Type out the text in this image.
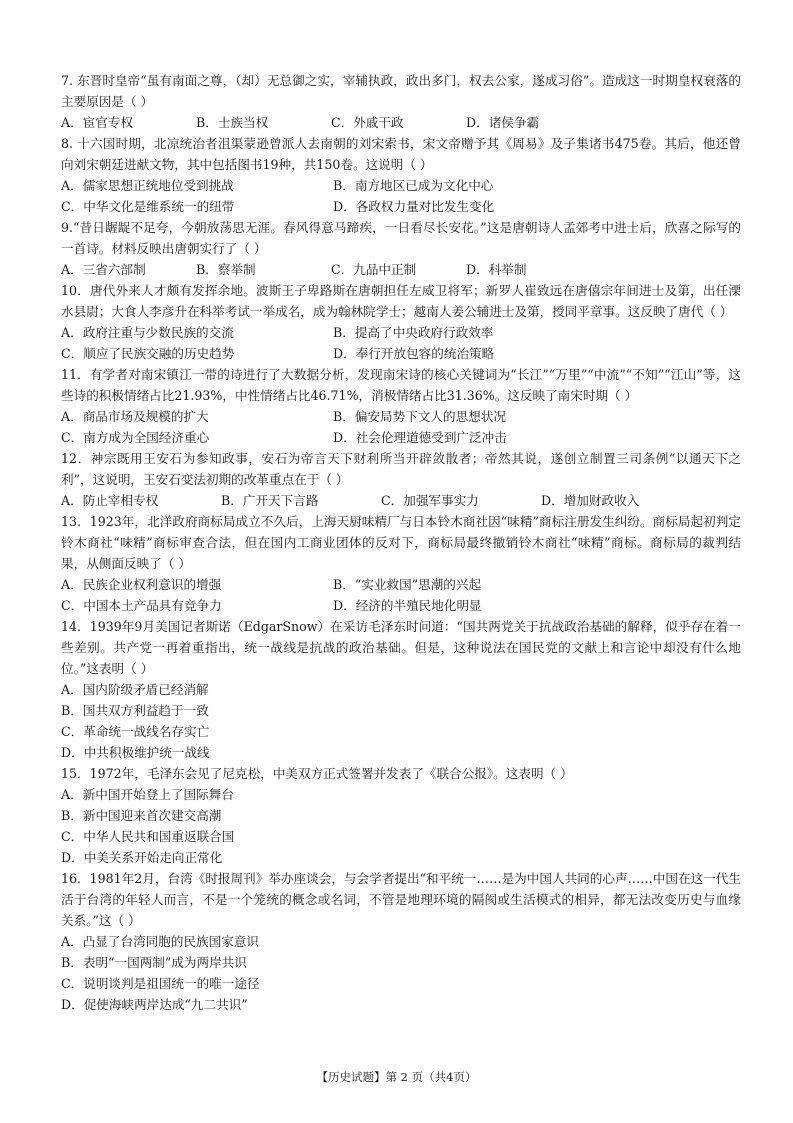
7. 东晋时皇帝“虽有南面之尊，（却）无总御之实，宰辅执政，政出多门，权去公家，遂成习俗”。造成这一时期皇权衰落的主要原因是（ ）
A．宦官专权	B．士族当权	C．外戚干政	D．诸侯争霸
8. 十六国时期，北凉统治者沮渠蒙逊曾派人去南朝的刘宋索书，宋文帝赠予其《周易》及子集诸书475卷。其后，他还曾向刘宋朝廷进献文物，其中包括图书19种，共150卷。这说明（ ）
A．儒家思想正统地位受到挑战	B．南方地区已成为文化中心
C．中华文化是维系统一的纽带	D．各政权力量对比发生变化
9.“昔日龌龊不足夸，今朝放荡思无涯。春风得意马蹄疾，一日看尽长安花。”这是唐朝诗人孟郊考中进士后，欣喜之际写的一首诗。材料反映出唐朝实行了（ ）
A．三省六部制	B．察举制	C．九品中正制	D．科举制
10．唐代外来人才颇有发挥余地。波斯王子卑路斯在唐朝担任左威卫将军；新罗人崔致远在唐僖宗年间进士及第，出任溧水县尉；大食人李彦升在科举考试一举成名，成为翰林院学士；越南人姜公辅进士及第，授同平章事。这反映了唐代（ ）
A．政府注重与少数民族的交流	B．提高了中央政府行政效率
C．顺应了民族交融的历史趋势	D．奉行开放包容的统治策略
11．有学者对南宋镇江一带的诗进行了大数据分析，发现南宋诗的核心关键词为“长江”“万里”“中流”“不知”“江山”等，这些诗的积极情绪占比21.93%，中性情绪占比46.71%，消极情绪占比31.36%。这反映了南宋时期（ ）
A．商品市场及规模的扩大	B．偏安局势下文人的思想状况
C．南方成为全国经济重心	D．社会伦理道德受到广泛冲击
12．神宗既用王安石为参知政事，安石为帝言天下财利所当开辟敛散者；帝然其说，遂创立制置三司条例“以通天下之利”，这说明，王安石变法初期的改革重点在于（ ）
A．防止宰相专权	B．广开天下言路	C．加强军事实力	D．增加财政收入
13．1923年，北洋政府商标局成立不久后，上海天厨味精厂与日本铃木商社因“味精”商标注册发生纠纷。商标局起初判定铃木商社“味精”商标审查合法，但在国内工商业团体的反对下，商标局最终撤销铃木商社“味精”商标。商标局的裁判结果，从侧面反映了（ ）
A．民族企业权利意识的增强	B．“实业救国”思潮的兴起
C．中国本土产品具有竞争力	D．经济的半殖民地化明显
14．1939年9月美国记者斯诺（EdgarSnow）在采访毛泽东时问道：“国共两党关于抗战政治基础的解释，似乎存在着一些差别。共产党一再着重指出，统一战线是抗战的政治基础。但是，这种说法在国民党的文献上和言论中却没有什么地位。”这表明（ ）
A．国内阶级矛盾已经消解
B．国共双方利益趋于一致
C．革命统一战线名存实亡
D．中共积极维护统一战线
15．1972年，毛泽东会见了尼克松，中美双方正式签署并发表了《联合公报》。这表明（ ）
A．新中国开始登上了国际舞台
B．新中国迎来首次建交高潮
C．中华人民共和国重返联合国
D．中美关系开始走向正常化
16．1981年2月，台湾《时报周刊》举办座谈会，与会学者提出“和平统一……是为中国人共同的心声……中国在这一代生活于台湾的年轻人而言，不是一个笼统的概念或名词，不管是地理环境的隔阂或生活模式的相异，都无法改变历史与血缘关系。”这（ ）
A．凸显了台湾同胞的民族国家意识
B．表明“一国两制”成为两岸共识
C．说明谈判是祖国统一的唯一途径
D．促使海峡两岸达成“九二共识”
【历史试题】第 2 页（共4页）
